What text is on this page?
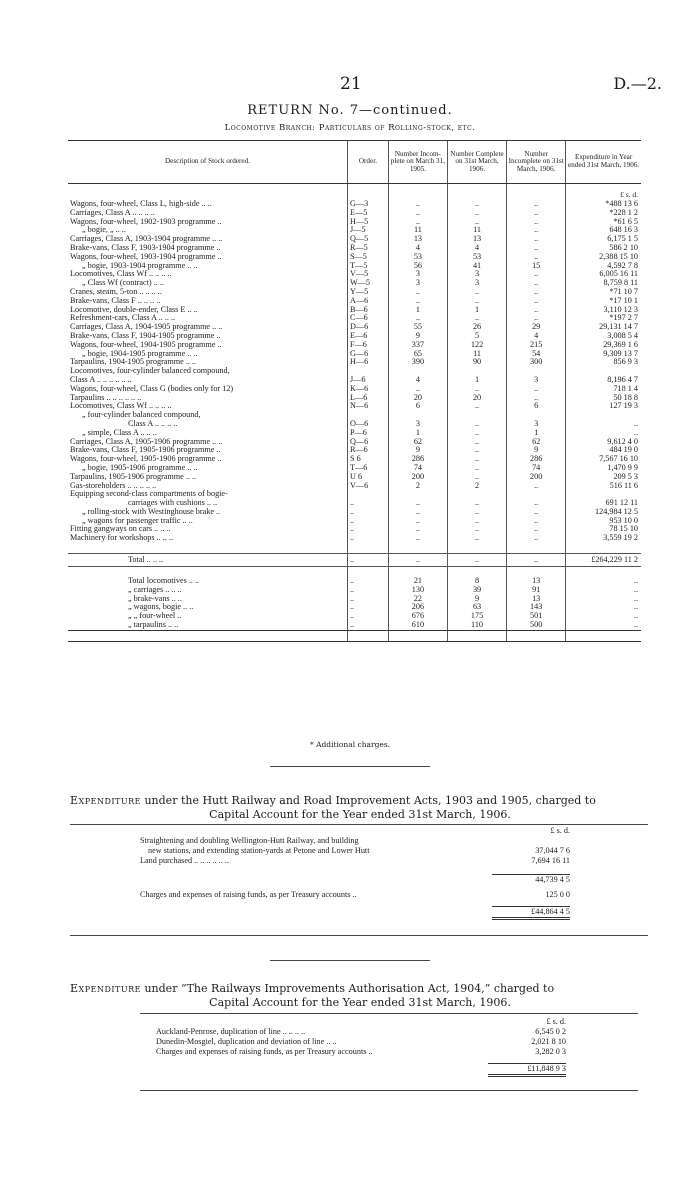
21	D.—2.
RETURN No. 7—continued.
Locomotive Branch: Particulars of Rolling-stock, etc.
Description of Stock ordered.	Order.	Number Incom- plete on March 31, 1905.	Number Complete on 31st March, 1906.	Number Incomplete on 31st March, 1906.	Expenditure in Year ended 31st March, 1906.

					£ s. d.
Wagons, four-wheel, Class L, high-side .. ..	G—3	..	..	..	*488 13 6
Carriages, Class A .. .. .. ..	E—5	..	..	..	*228 1 2
Wagons, four-wheel, 1902-1903 programme ..	H—5	..	..	..	*61 6 5
„ bogie, „ .. ..	J—5	11	11	..	648 16 3
Carriages, Class A, 1903-1904 programme .. ..	Q—5	13	13	..	6,175 1 5
Brake-vans, Class F, 1903-1904 programme ..	R—5	4	4	..	586 2 10
Wagons, four-wheel, 1903-1904 programme ..	S—5	53	53	..	2,388 15 10
„ bogie, 1903-1904 programme .. ..	T—5	56	41	15	4,592 7 8
Locomotives, Class Wf .. .. .. ..	V—5	3	3	..	6,005 16 11
„ Class Wf (contract) .. ..	W—5	3	3	..	8,759 8 11
Cranes, steam, 5-ton .. .. .. ..	Y—5	..	..	..	*71 10 7
Brake-vans, Class F .. .. .. ..	A—6	..	..	..	*17 10 1
Locomotive, double-ender, Class E .. ..	B—6	1	1	..	3,110 12 3
Refreshment-cars, Class A .. .. ..	C—6	..	..	..	*197 2 7
Carriages, Class A, 1904-1905 programme .. ..	D—6	55	26	29	29,131 14 7
Brake-vans, Class F, 1904-1905 programme ..	E—6	9	5	4	3,008 5 4
Wagons, four-wheel, 1904-1905 programme ..	F—6	337	122	215	29,369 1 6
„ bogie, 1904-1905 programme .. ..	G—6	65	11	54	9,309 13 7
Tarpaulins, 1904-1905 programme .. ..	H—6	390	90	300	856 9 3
Locomotives, four-cylinder balanced compound,					
Class A .. .. .. .. .. ..	J—6	4	1	3	8,196 4 7
Wagons, four-wheel, Class G (bodies only for 12)	K—6	..	..	..	718 1 4
Tarpaulins .. .. .. .. .. ..	L—6	20	20	..	50 18 8
Locomotives, Class Wf .. .. .. ..	N—6	6	..	6	127 19 3
„ four-cylinder balanced compound,					
Class A .. .. .. ..	O—6	3	..	3	..
„ simple, Class A .. .. ..	P—6	1	..	1	..
Carriages, Class A, 1905-1906 programme .. ..	Q—6	62	..	62	9,612 4 0
Brake-vans, Class F, 1905-1906 programme ..	R—6	9	..	9	484 19 0
Wagons, four-wheel, 1905-1906 programme ..	S 6	286	..	286	7,567 16 10
„ bogie, 1905-1906 programme .. ..	T—6	74	..	74	1,470 9 9
Tarpaulins, 1905-1906 programme .. ..	U 6	200	..	200	209 5 3
Gas-storeholders .. .. .. .. ..	V—6	2	2	..	516 11 6
Equipping second-class compartments of bogie-					
carriages with cushions .. ..	..	..	..	..	691 12 11
„ rolling-stock with Westinghouse brake ..	..	..	..	..	124,984 12 5
„ wagons for passenger traffic .. ..	..	..	..	..	953 10 0
Fitting gangways on cars .. .. ..	..	..	..	..	78 15 10
Machinery for workshops .. .. ..	..	..	..	..	3,559 19 2

Total .. .. ..	..	..	..	..	£264,229 11 2

Total locomotives .. ..	..	21	8	13	..
„ carriages .. .. ..	..	130	39	91	..
„ brake-vans .. ..	..	22	9	13	..
„ wagons, bogie .. ..	..	206	63	143	..
„ „ four-wheel ..	..	676	175	501	..
„ tarpaulins .. ..	..	610	110	500	..

* Additional charges.
Expenditure under the Hutt Railway and Road Improvement Acts, 1903 and 1905, charged to
Capital Account for the Year ended 31st March, 1906.
£ s. d.
Straightening and doubling Wellington-Hutt Railway, and building
new stations, and extending station-yards at Petone and Lower Hutt	37,044 7 6
Land purchased .. .. .. .. .. ..	7,694 16 11
44,739 4 5
Charges and expenses of raising funds, as per Treasury accounts ..	125 0 0
£44,864 4 5
Expenditure under “The Railways Improvements Authorisation Act, 1904,” charged to
Capital Account for the Year ended 31st March, 1906.
£ s. d.
Auckland-Penrose, duplication of line .. .. .. ..	6,545 0 2
Dunedin-Mosgiel, duplication and deviation of line .. ..	2,021 8 10
Charges and expenses of raising funds, as per Treasury accounts ..	3,282 0 3
£11,848 9 3
